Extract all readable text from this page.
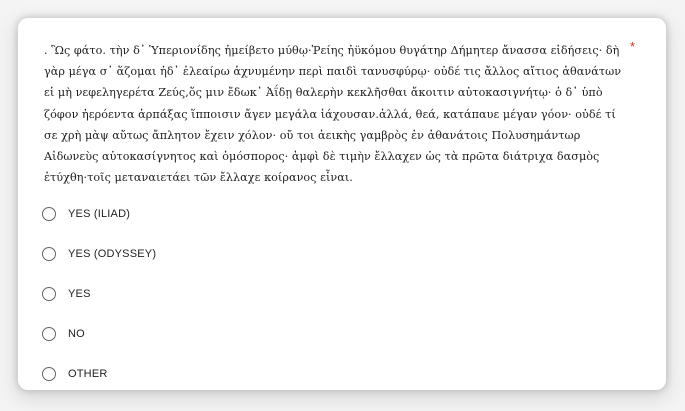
. Ὣς φάτο. τὴν δ᾽ Ὑπεριονίδης ἠμείβετο μύθῳ·Ῥείης ἠϋκόμου θυγάτηρ Δήμητερ ἄνασσα εἰδήσεις· δὴ γὰρ μέγα σ᾽ ἅζομαι ἠδ᾽ ἐλεαίρω ἀχνυμένην περὶ παιδὶ τανυσφύρῳ· οὐδέ τις ἄλλος αἴτιος ἀθανάτων εἰ μὴ νεφεληγερέτα Ζεύς,ὅς μιν ἔδωκ᾽ Ἀΐδῃ θαλερὴν κεκλῆσθαι ἄκοιτιν αὐτοκασιγνήτῳ· ὁ δ᾽ ὑπὸ ζόφον ἠερόεντα ἁρπάξας ἵπποισιν ἄγεν μεγάλα ἰάχουσαν.ἀλλά, θεά, κατάπαυε μέγαν γόον· οὐδέ τί σε χρὴ μὰψ αὔτως ἄπλητον ἔχειν χόλον· οὔ τοι ἀεικὴς γαμβρὸς ἐν ἀθανάτοις Πολυσημάντωρ Αἰδωνεὺς αὐτοκασίγνητος καὶ ὁμόσπορος· ἀμφὶ δὲ τιμὴν ἔλλαχεν ὡς τὰ πρῶτα διάτριχα δασμὸς ἐτύχθη·τοῖς μεταναιετάει τῶν ἔλλαχε κοίρανος εἶναι.
*
YES (ILIAD)
YES (ODYSSEY)
YES
NO
OTHER
